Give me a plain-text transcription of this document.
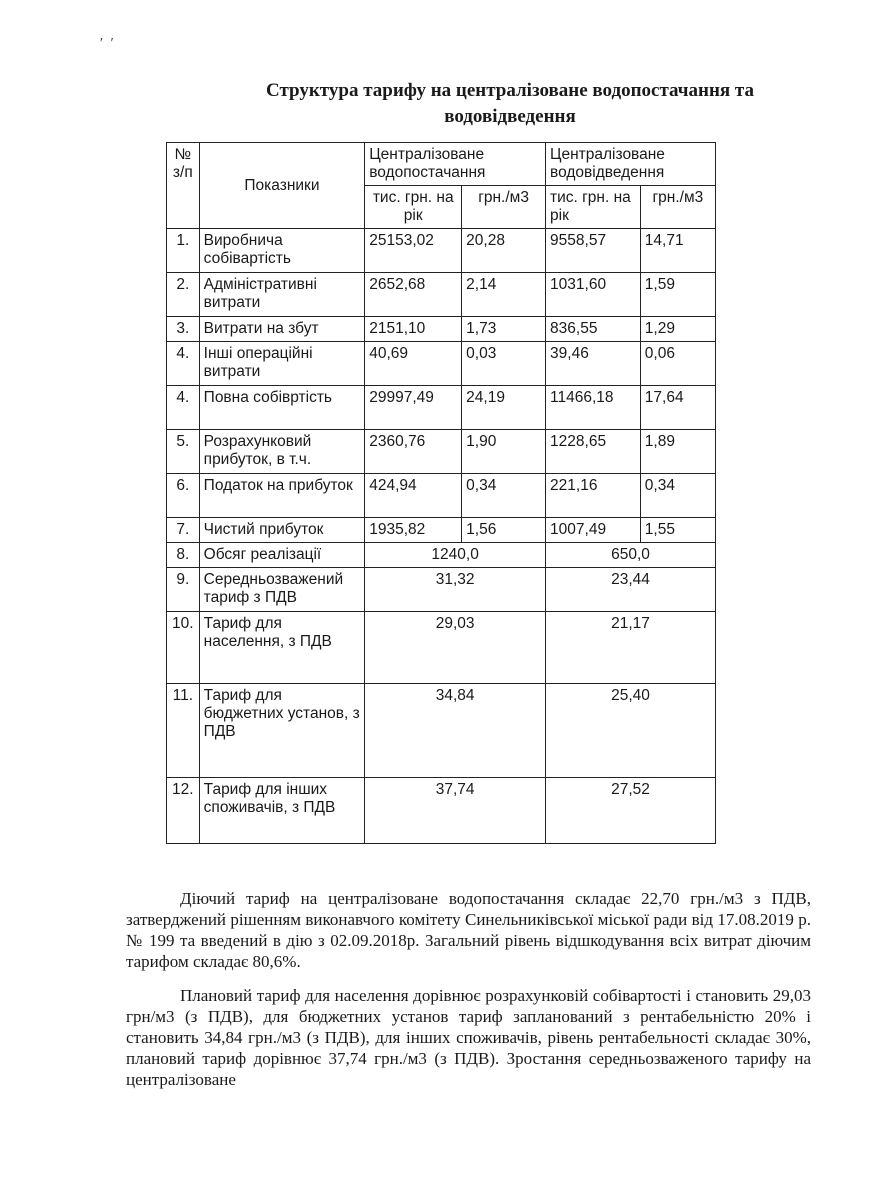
′ ′
Структура тарифу на централізоване водопостачання та водовідведення
№ з/п	Показники	Централізоване водопостачання		Централізоване водовідведення	
		тис. грн. на рік	грн./м3	тис. грн. на рік	грн./м3
1.	Виробнича собівартість	25153,02	20,28	9558,57	14,71
2.	Адміністративні витрати	2652,68	2,14	1031,60	1,59
3.	Витрати на збут	2151,10	1,73	836,55	1,29
4.	Інші операційні витрати	40,69	0,03	39,46	0,06
4.	Повна собівртість	29997,49	24,19	11466,18	17,64
5.	Розрахунковий прибуток, в т.ч.	2360,76	1,90	1228,65	1,89
6.	Податок на прибуток	424,94	0,34	221,16	0,34
7.	Чистий прибуток	1935,82	1,56	1007,49	1,55
8.	Обсяг реалізації	1240,0		650,0	
9.	Середньозважений тариф з ПДВ	31,32		23,44	
10.	Тариф для населення, з ПДВ	29,03		21,17	
11.	Тариф для бюджетних установ, з ПДВ	34,84		25,40	
12.	Тариф для інших споживачів, з ПДВ	37,74		27,52	

Діючий тариф на централізоване водопостачання складає 22,70 грн./м3 з ПДВ, затверджений рішенням виконавчого комітету Синельниківської міської ради від 17.08.2019 р. № 199 та введений в дію з 02.09.2018р. Загальний рівень відшкодування всіх витрат діючим тарифом складає 80,6%.

Плановий тариф для населення дорівнює розрахунковій собівартості і становить 29,03 грн/м3 (з ПДВ), для бюджетних установ тариф запланований з рентабельністю 20% і становить 34,84 грн./м3 (з ПДВ), для інших споживачів, рівень рентабельності складає 30%, плановий тариф дорівнює 37,74 грн./м3 (з ПДВ). Зростання середньозваженого тарифу на централізоване
